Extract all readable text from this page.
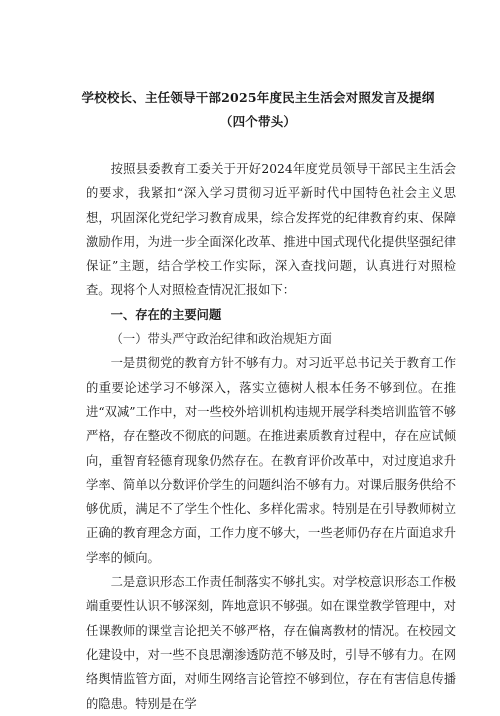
学校校长、主任领导干部2025年度民主生活会对照发言及提纲（四个带头）

按照县委教育工委关于开好2024年度党员领导干部民主生活会的要求，我紧扣“深入学习贯彻习近平新时代中国特色社会主义思想，巩固深化党纪学习教育成果，综合发挥党的纪律教育约束、保障激励作用，为进一步全面深化改革、推进中国式现代化提供坚强纪律保证”主题，结合学校工作实际，深入查找问题，认真进行对照检查。现将个人对照检查情况汇报如下：

一、存在的主要问题

（一）带头严守政治纪律和政治规矩方面

一是贯彻党的教育方针不够有力。对习近平总书记关于教育工作的重要论述学习不够深入，落实立德树人根本任务不够到位。在推进“双减”工作中，对一些校外培训机构违规开展学科类培训监管不够严格，存在整改不彻底的问题。在推进素质教育过程中，存在应试倾向，重智育轻德育现象仍然存在。在教育评价改革中，对过度追求升学率、简单以分数评价学生的问题纠治不够有力。对课后服务供给不够优质，满足不了学生个性化、多样化需求。特别是在引导教师树立正确的教育理念方面，工作力度不够大，一些老师仍存在片面追求升学率的倾向。

二是意识形态工作责任制落实不够扎实。对学校意识形态工作极端重要性认识不够深刻，阵地意识不够强。如在课堂教学管理中，对任课教师的课堂言论把关不够严格，存在偏离教材的情况。在校园文化建设中，对一些不良思潮渗透防范不够及时，引导不够有力。在网络舆情监管方面，对师生网络言论管控不够到位，存在有害信息传播的隐患。特别是在学
